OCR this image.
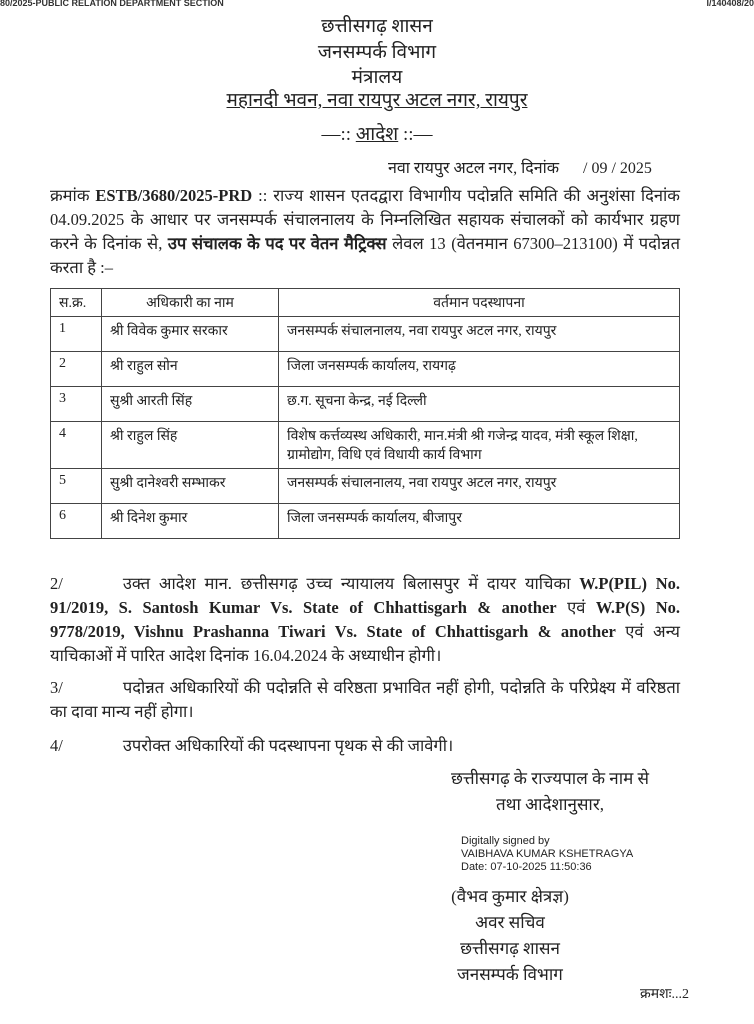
80/2025-PUBLIC RELATION DEPARTMENT SECTION	I/140408/20
छत्तीसगढ़ शासन
जनसम्पर्क विभाग
मंत्रालय
महानदी भवन, नवा रायपुर अटल नगर, रायपुर
—:: आदेश ::—
नवा रायपुर अटल नगर, दिनांक      / 09 / 2025
क्रमांक ESTB/3680/2025-PRD :: राज्य शासन एतदद्वारा विभागीय पदोन्नति समिति की अनुशंसा दिनांक 04.09.2025 के आधार पर जनसम्पर्क संचालनालय के निम्नलिखित सहायक संचालकों को कार्यभार ग्रहण करने के दिनांक से, उप संचालक के पद पर वेतन मैट्रिक्स लेवल 13 (वेतनमान 67300–213100) में पदोन्नत करता है :–
स.क्र.	अधिकारी का नाम	वर्तमान पदस्थापना
1	श्री विवेक कुमार सरकार	जनसम्पर्क संचालनालय, नवा रायपुर अटल नगर, रायपुर
2	श्री राहुल सोन	जिला जनसम्पर्क कार्यालय, रायगढ़
3	सुश्री आरती सिंह	छ.ग. सूचना केन्द्र, नई दिल्ली
4	श्री राहुल सिंह	विशेष कर्त्तव्यस्थ अधिकारी, मान.मंत्री श्री गजेन्द्र यादव, मंत्री स्कूल शिक्षा, ग्रामोद्योग, विधि एवं विधायी कार्य विभाग
5	सुश्री दानेश्वरी सम्भाकर	जनसम्पर्क संचालनालय, नवा रायपुर अटल नगर, रायपुर
6	श्री दिनेश कुमार	जिला जनसम्पर्क कार्यालय, बीजापुर
2/	उक्त आदेश मान. छत्तीसगढ़ उच्च न्यायालय बिलासपुर में दायर याचिका W.P(PIL) No. 91/2019, S. Santosh Kumar Vs. State of Chhattisgarh & another एवं W.P(S) No. 9778/2019, Vishnu Prashanna Tiwari Vs. State of Chhattisgarh & another एवं अन्य याचिकाओं में पारित आदेश दिनांक 16.04.2024 के अध्याधीन होगी।
3/	पदोन्नत अधिकारियों की पदोन्नति से वरिष्ठता प्रभावित नहीं होगी, पदोन्नति के परिप्रेक्ष्य में वरिष्ठता का दावा मान्य नहीं होगा।
4/	उपरोक्त अधिकारियों की पदस्थापना पृथक से की जावेगी।
छत्तीसगढ़ के राज्यपाल के नाम से
तथा आदेशानुसार,
Digitally signed by
VAIBHAVA KUMAR KSHETRAGYA
Date: 07-10-2025 11:50:36
(वैभव कुमार क्षेत्रज्ञ)
अवर सचिव
छत्तीसगढ़ शासन
जनसम्पर्क विभाग
क्रमशः...2
